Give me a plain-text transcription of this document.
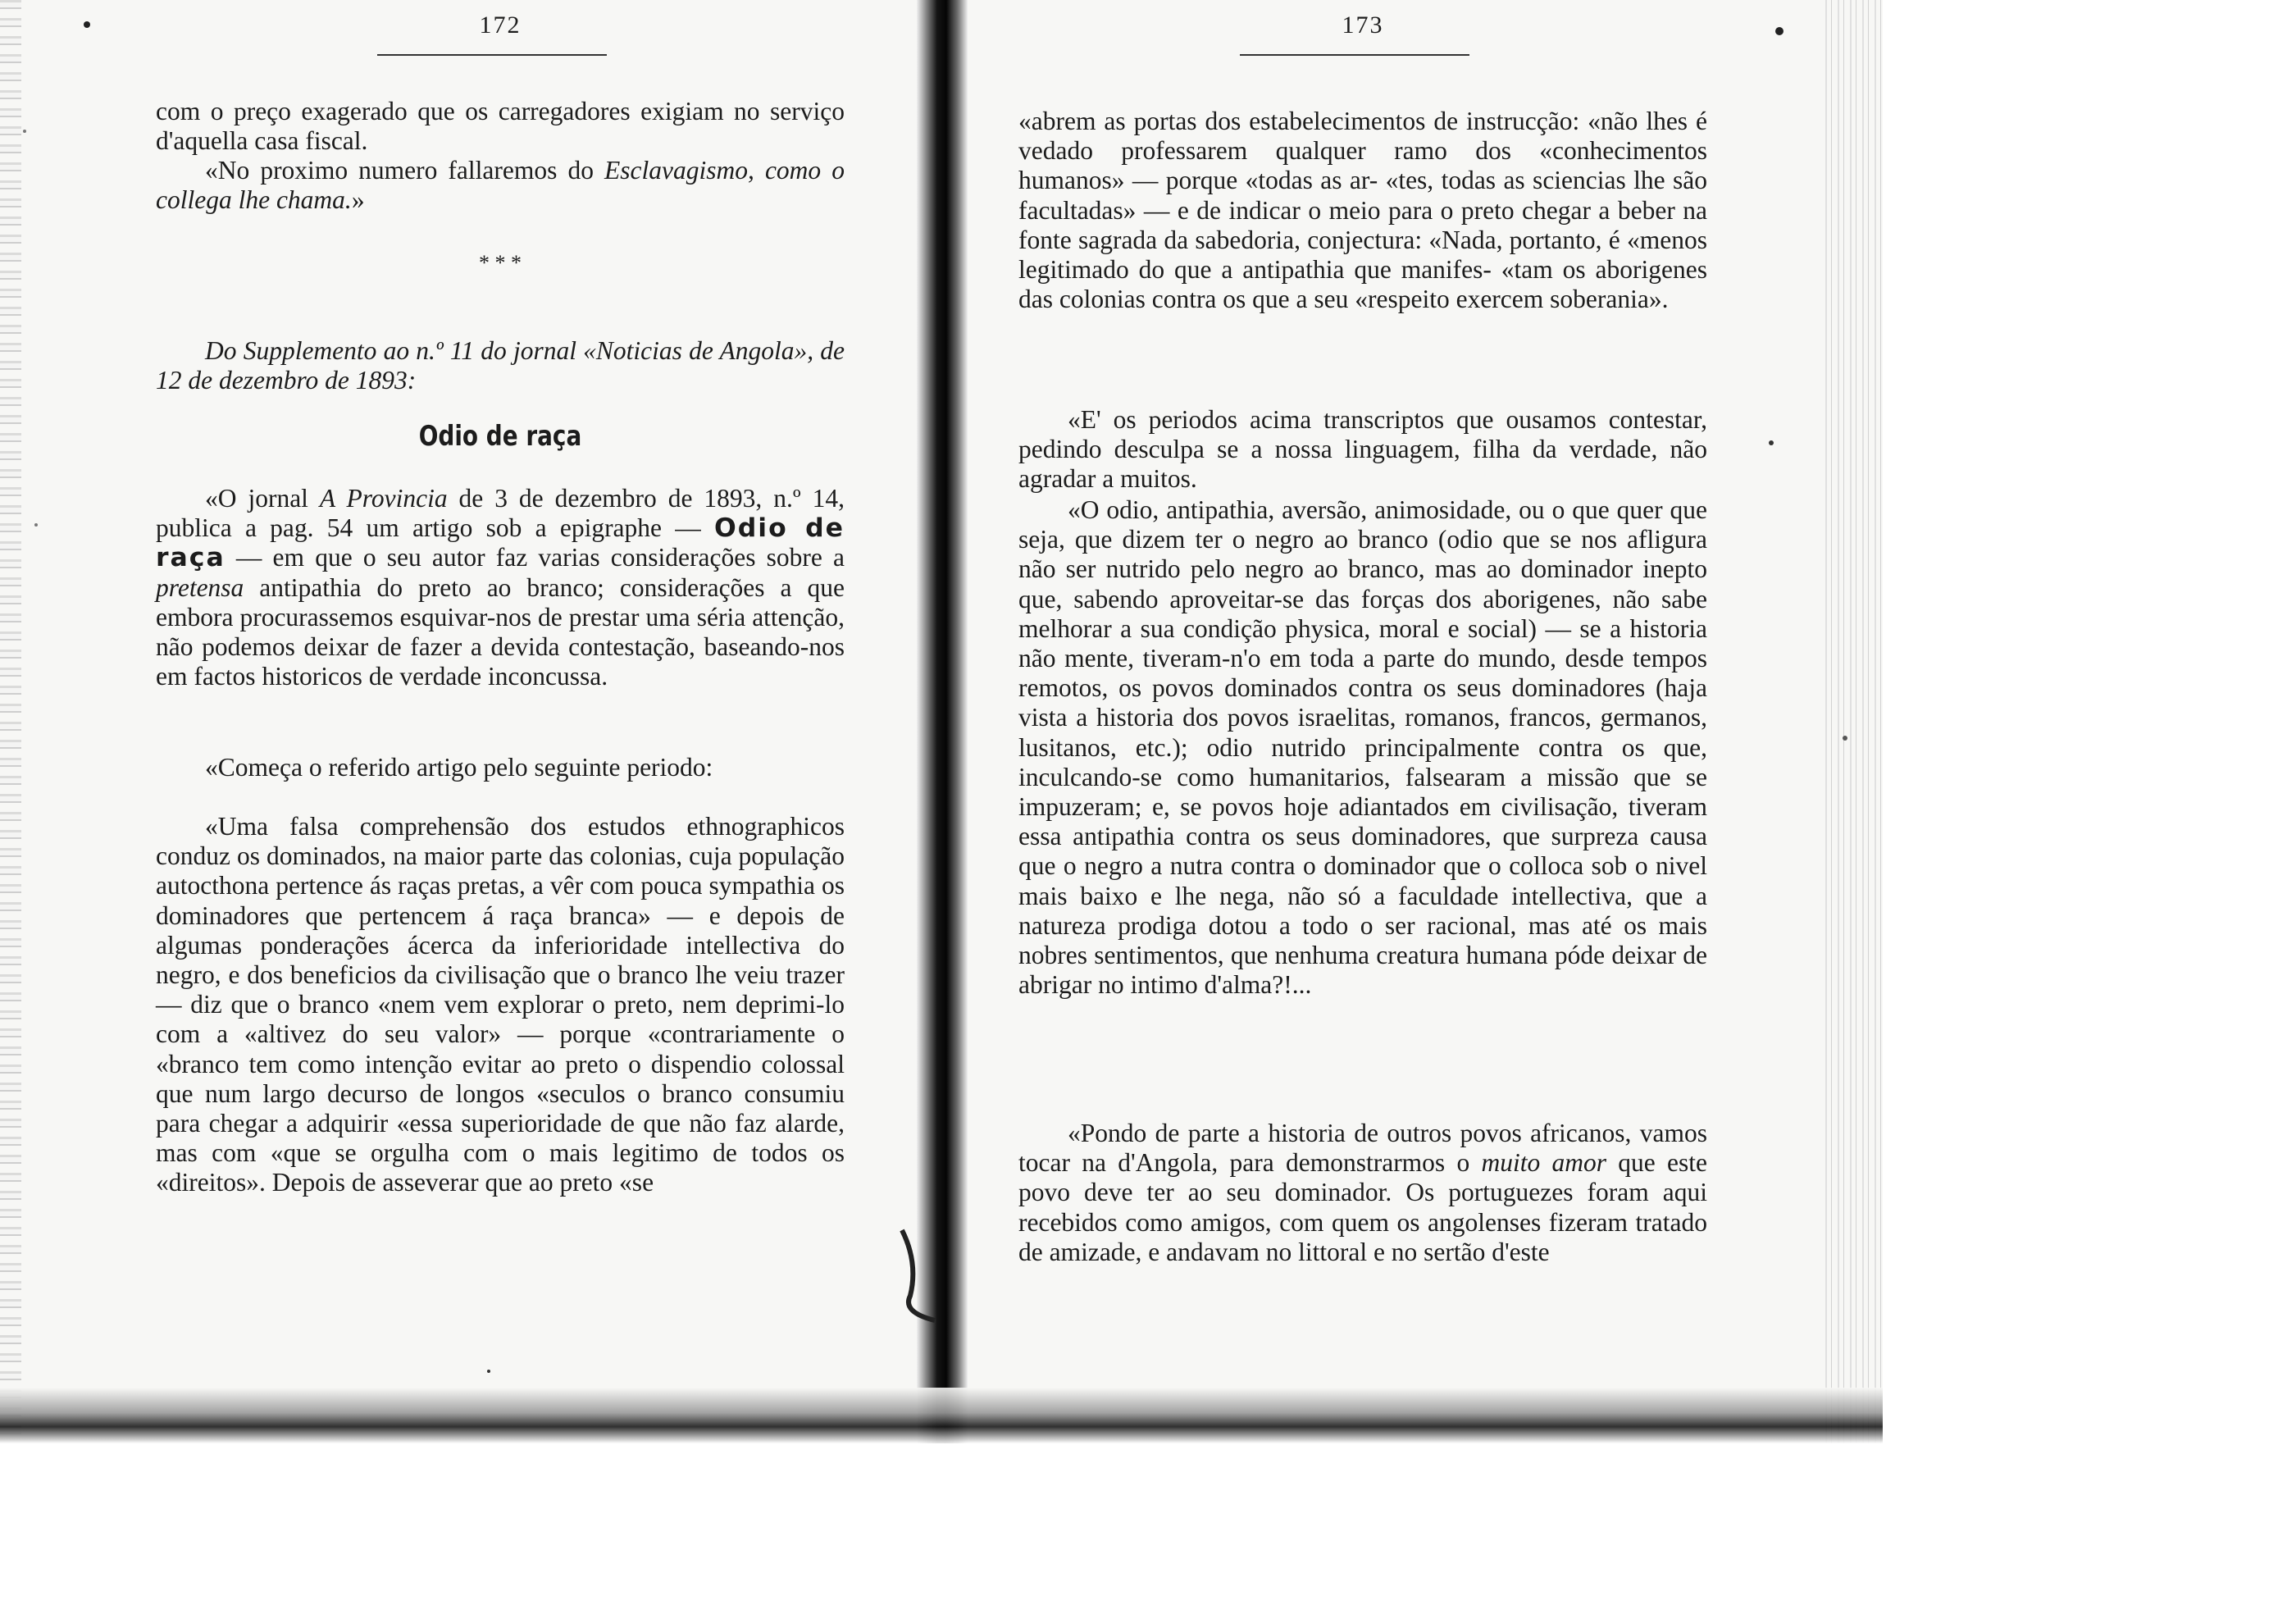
172

com o preço exagerado que os carregadores exigiam no serviço d'aquella casa fiscal.

«No proximo numero fallaremos do Esclavagismo, como o collega lhe chama.»

* * *

Do Supplemento ao n.º 11 do jornal «Noticias de Angola», de 12 de dezembro de 1893:

Odio de raça

«O jornal A Provincia de 3 de dezembro de 1893, n.º 14, publica a pag. 54 um artigo sob a epigraphe — Odio de raça — em que o seu autor faz varias considerações sobre a pretensa antipathia do preto ao branco; considerações a que embora procurassemos esquivar-nos de prestar uma séria attenção, não podemos deixar de fazer a devida contestação, baseando-nos em factos historicos de verdade inconcussa.

«Começa o referido artigo pelo seguinte periodo:

«Uma falsa comprehensão dos estudos ethnographicos conduz os dominados, na maior parte das colonias, cuja população autocthona pertence ás raças pretas, a vêr com pouca sympathia os dominadores que pertencem á raça branca» — e depois de algumas ponderações ácerca da inferioridade intellectiva do negro, e dos beneficios da civilisação que o branco lhe veiu trazer — diz que o branco «nem vem explorar o preto, nem deprimi-lo com a «altivez do seu valor» — porque «contrariamente o «branco tem como intenção evitar ao preto o dispendio colossal que num largo decurso de longos «seculos o branco consumiu para chegar a adquirir «essa superioridade de que não faz alarde, mas com «que se orgulha com o mais legitimo de todos os «direitos». Depois de asseverar que ao preto «se

173

«abrem as portas dos estabelecimentos de instrucção: «não lhes é vedado professarem qualquer ramo dos «conhecimentos humanos» — porque «todas as ar- «tes, todas as sciencias lhe são facultadas» — e de indicar o meio para o preto chegar a beber na fonte sagrada da sabedoria, conjectura: «Nada, portanto, é «menos legitimado do que a antipathia que manifes- «tam os aborigenes das colonias contra os que a seu «respeito exercem soberania».

«E' os periodos acima transcriptos que ousamos contestar, pedindo desculpa se a nossa linguagem, filha da verdade, não agradar a muitos.

«O odio, antipathia, aversão, animosidade, ou o que quer que seja, que dizem ter o negro ao branco (odio que se nos afligura não ser nutrido pelo negro ao branco, mas ao dominador inepto que, sabendo aproveitar-se das forças dos aborigenes, não sabe melhorar a sua condição physica, moral e social) — se a historia não mente, tiveram-n'o em toda a parte do mundo, desde tempos remotos, os povos dominados contra os seus dominadores (haja vista a historia dos povos israelitas, romanos, francos, germanos, lusitanos, etc.); odio nutrido principalmente contra os que, inculcando-se como humanitarios, falsearam a missão que se impuzeram; e, se povos hoje adiantados em civilisação, tiveram essa antipathia contra os seus dominadores, que surpreza causa que o negro a nutra contra o dominador que o colloca sob o nivel mais baixo e lhe nega, não só a faculdade intellectiva, que a natureza prodiga dotou a todo o ser racional, mas até os mais nobres sentimentos, que nenhuma creatura humana póde deixar de abrigar no intimo d'alma?!...

«Pondo de parte a historia de outros povos africanos, vamos tocar na d'Angola, para demonstrarmos o muito amor que este povo deve ter ao seu dominador. Os portuguezes foram aqui recebidos como amigos, com quem os angolenses fizeram tratado de amizade, e andavam no littoral e no sertão d'este
